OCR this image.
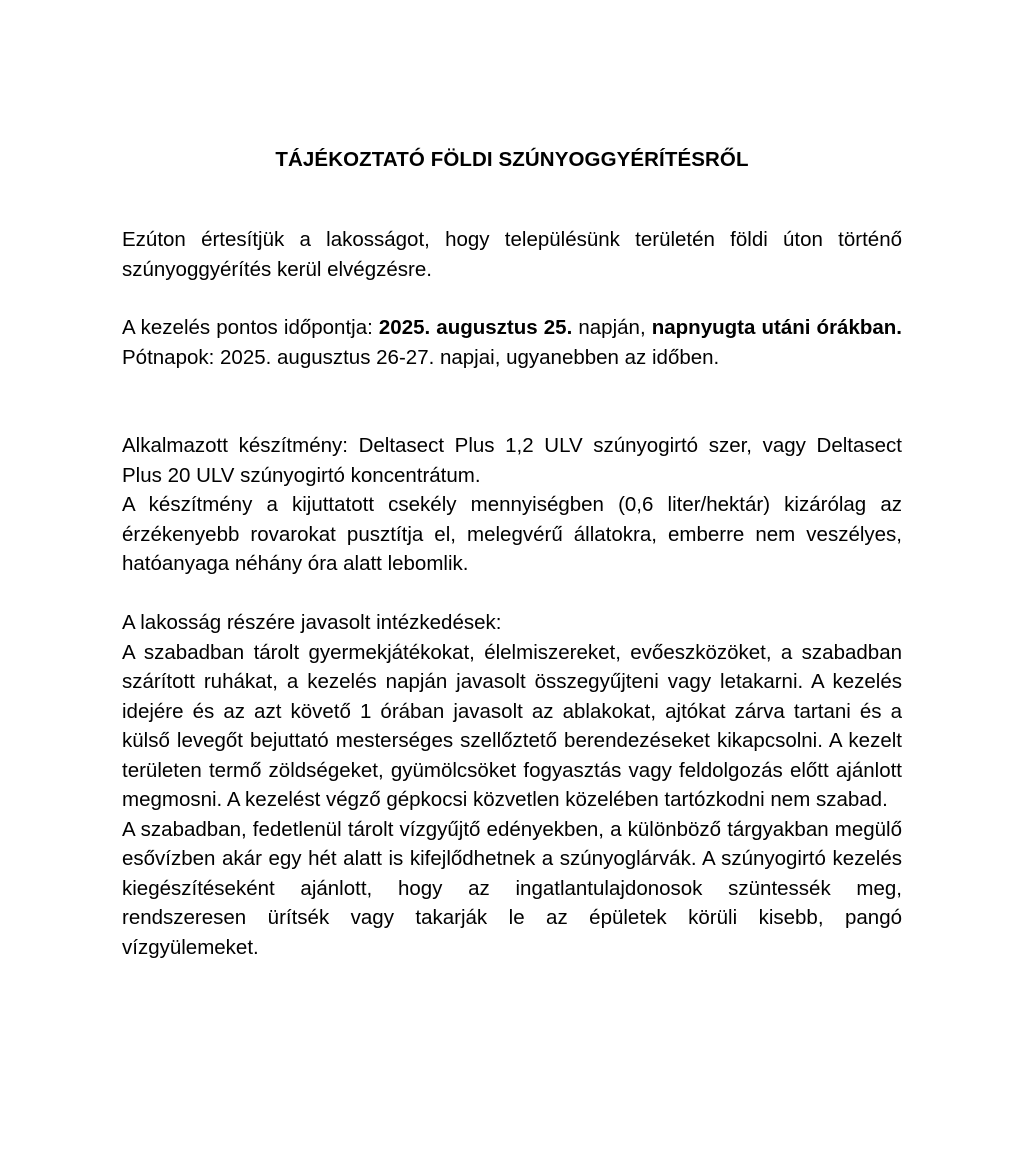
TÁJÉKOZTATÓ FÖLDI SZÚNYOGGYÉRÍTÉSRŐL

Ezúton értesítjük a lakosságot, hogy településünk területén földi úton történő szúnyoggyérítés kerül elvégzésre.

A kezelés pontos időpontja: 2025. augusztus 25. napján, napnyugta utáni órákban. Pótnapok: 2025. augusztus 26-27. napjai, ugyanebben az időben.

Alkalmazott készítmény: Deltasect Plus 1,2 ULV szúnyogirtó szer, vagy Deltasect Plus 20 ULV szúnyogirtó koncentrátum.

A készítmény a kijuttatott csekély mennyiségben (0,6 liter/hektár) kizárólag az érzékenyebb rovarokat pusztítja el, melegvérű állatokra, emberre nem veszélyes, hatóanyaga néhány óra alatt lebomlik.

A lakosság részére javasolt intézkedések:

A szabadban tárolt gyermekjátékokat, élelmiszereket, evőeszközöket, a szabadban szárított ruhákat, a kezelés napján javasolt összegyűjteni vagy letakarni. A kezelés idejére és az azt követő 1 órában javasolt az ablakokat, ajtókat zárva tartani és a külső levegőt bejuttató mesterséges szellőztető berendezéseket kikapcsolni. A kezelt területen termő zöldségeket, gyümölcsöket fogyasztás vagy feldolgozás előtt ajánlott megmosni. A kezelést végző gépkocsi közvetlen közelében tartózkodni nem szabad.

A szabadban, fedetlenül tárolt vízgyűjtő edényekben, a különböző tárgyakban megülő esővízben akár egy hét alatt is kifejlődhetnek a szúnyoglárvák. A szúnyogirtó kezelés kiegészítéseként ajánlott, hogy az ingatlantulajdonosok szüntessék meg, rendszeresen ürítsék vagy takarják le az épületek körüli kisebb, pangó vízgyülemeket.
